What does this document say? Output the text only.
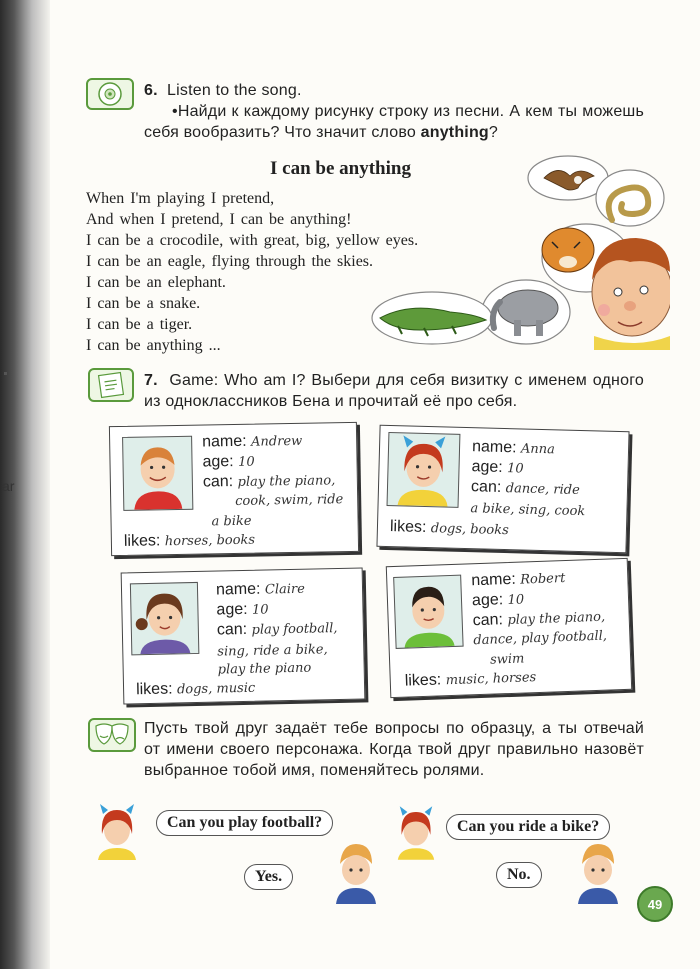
ar
6. Listen to the song.
•Найди к каждому рисунку строку из песни. А кем ты можешь себя вообразить? Что значит слово anything?
I can be anything
When I'm playing I pretend,
And when I pretend, I can be anything!
I can be a crocodile, with great, big, yellow eyes.
I can be an eagle, flying through the skies.
I can be an elephant.
I can be a snake.
I can be a tiger.
I can be anything ...
7. Game: Who am I? Выбери для себя визитку с именем одного из одноклассников Бена и прочитай её про себя.
name: Andrew
age: 10
can: play the piano,
cook, swim, ride
a bike
likes: horses, books
name: Anna
age: 10
can: dance, ride
a bike, sing, cook
likes: dogs, books
name: Claire
age: 10
can: play football,
sing, ride a bike,
play the piano
likes: dogs, music
name: Robert
age: 10
can: play the piano,
dance, play football,
swim
likes: music, horses
Пусть твой друг задаёт тебе вопросы по образцу, а ты отвечай от имени своего персонажа. Когда твой друг правильно назовёт выбранное тобой имя, поменяйтесь ролями.
Can you play football?	Can you ride a bike?
Yes.	No.
49
